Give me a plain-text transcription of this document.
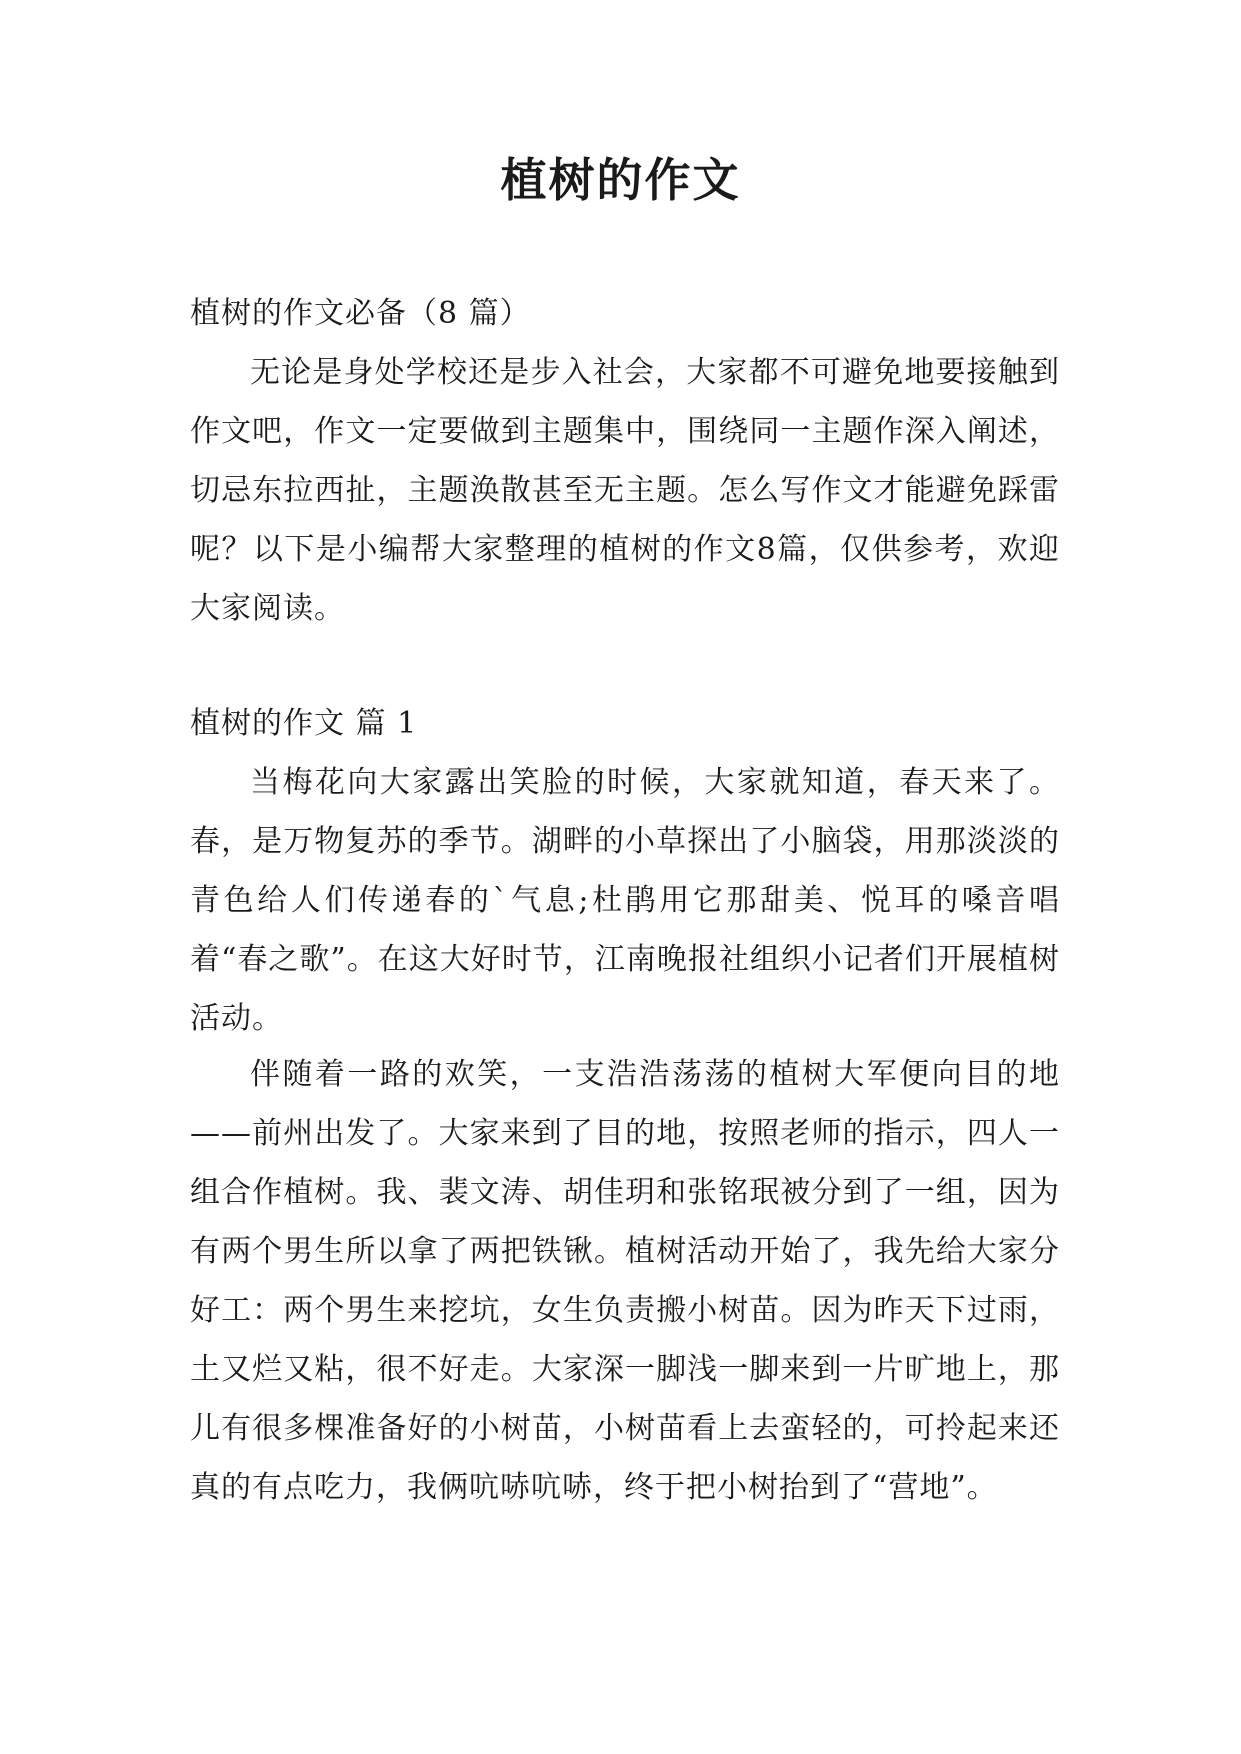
植树的作文
植树的作文必备（8 篇）

无论是身处学校还是步入社会，大家都不可避免地要接触到作文吧，作文一定要做到主题集中，围绕同一主题作深入阐述，切忌东拉西扯，主题涣散甚至无主题。怎么写作文才能避免踩雷呢？以下是小编帮大家整理的植树的作文8篇，仅供参考，欢迎大家阅读。

植树的作文 篇 1

当梅花向大家露出笑脸的时候，大家就知道，春天来了。春，是万物复苏的季节。湖畔的小草探出了小脑袋，用那淡淡的青色给人们传递春的`气息;杜鹃用它那甜美、悦耳的嗓音唱着“春之歌”。在这大好时节，江南晚报社组织小记者们开展植树活动。

伴随着一路的欢笑，一支浩浩荡荡的植树大军便向目的地——前州出发了。大家来到了目的地，按照老师的指示，四人一组合作植树。我、裴文涛、胡佳玥和张铭珉被分到了一组，因为有两个男生所以拿了两把铁锹。植树活动开始了，我先给大家分好工：两个男生来挖坑，女生负责搬小树苗。因为昨天下过雨，土又烂又粘，很不好走。大家深一脚浅一脚来到一片旷地上，那儿有很多棵准备好的小树苗，小树苗看上去蛮轻的，可拎起来还真的有点吃力，我俩吭哧吭哧，终于把小树抬到了“营地”。
